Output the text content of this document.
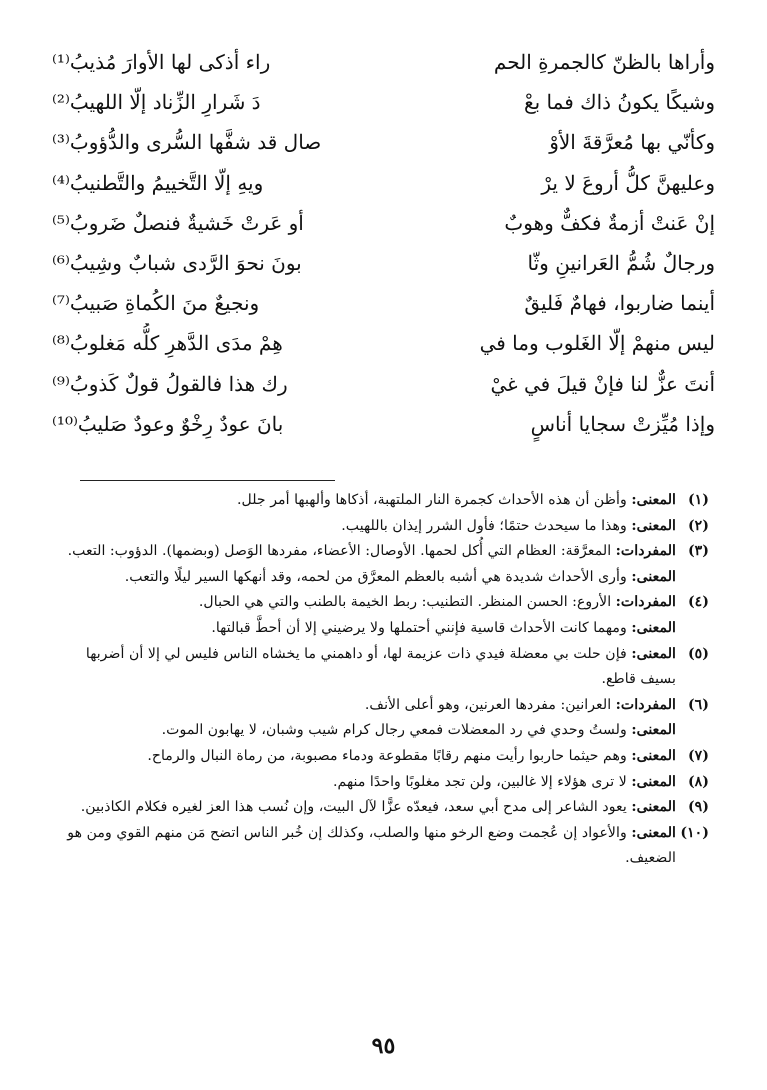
وأراها بالظنّ كالجمرةِ الحم
راء أذكى لها الأوارَ مُذيبُ⁽¹⁾
وشيكًا يكونُ ذاك فما بعْ
دَ شَرارِ الزِّناد إلّا اللهيبُ⁽²⁾
وكأنّي بها مُعرَّقةَ الأوْ
صال قد شفَّها السُّرى والدُّؤوبُ⁽³⁾
وعليهنَّ كلُّ أروعَ لا يرْ
ويهِ إلّا التَّخييمُ والتَّطنيبُ⁽⁴⁾
إنْ عَنتْ أزمةٌ فكفٌّ وهوبٌ
أو عَرتْ خَشيةٌ فنصلٌ ضَروبُ⁽⁵⁾
ورجالٌ شُمُّ العَرانينِ وثّا
بونَ نحوَ الرَّدى شبابٌ وشِيبُ⁽⁶⁾
أينما ضاربوا، فهامٌ فَليقٌ
ونجيعٌ منَ الكُماةِ صَبيبُ⁽⁷⁾
ليس منهمْ إلّا الغَلوب وما في
هِمْ مدَى الدَّهرِ كلُّه مَغلوبُ⁽⁸⁾
أنتَ عزٌّ لنا فإنْ قيلَ في غيْ
رك هذا فالقولُ قولٌ كَذوبُ⁽⁹⁾
وإذا مُيِّزتْ سجايا أناسٍ
بانَ عودٌ رِخْوٌ وعودٌ صَليبُ⁽¹⁰⁾
(١)المعنى: وأظن أن هذه الأحداث كجمرة النار الملتهبة، أذكاها وألهبها أمر جلل.
(٢)المعنى: وهذا ما سيحدث حتمًا؛ فأول الشرر إيذان باللهيب.
(٣)المفردات: المعرَّقة: العظام التي أُكل لحمها. الأوصال: الأعضاء، مفردها الوَصل (وبضمها). الدؤوب: التعب.
المعنى: وأرى الأحداث شديدة هي أشبه بالعظم المعرَّق من لحمه، وقد أنهكها السير ليلًا والتعب.
(٤)المفردات: الأروع: الحسن المنظر. التطنيب: ربط الخيمة بالطنب والتي هي الحبال.
المعنى: ومهما كانت الأحداث قاسية فإنني أحتملها ولا يرضيني إلا أن أحطَّ قبالتها.
(٥)المعنى: فإن حلت بي معضلة فيدي ذات عزيمة لها، أو داهمني ما يخشاه الناس فليس لي إلا أن أضربها بسيف قاطع.
(٦)المفردات: العرانين: مفردها العرنين، وهو أعلى الأنف.
المعنى: ولستُ وحدي في رد المعضلات فمعي رجال كرام شيب وشبان، لا يهابون الموت.
(٧)المعنى: وهم حيثما حاربوا رأيت منهم رقابًا مقطوعة ودماء مصبوبة، من رماة النبال والرماح.
(٨)المعنى: لا ترى هؤلاء إلا غالبين، ولن تجد مغلوبًا واحدًا منهم.
(٩)المعنى: يعود الشاعر إلى مدح أبي سعد، فيعدّه عزًّا لآل البيت، وإن نُسب هذا العز لغيره فكلام الكاذبين.
(١٠)المعنى: والأعواد إن عُجمت وضع الرخو منها والصلب، وكذلك إن خُبر الناس اتضح مَن منهم القوي ومن هو الضعيف.
٩٥
